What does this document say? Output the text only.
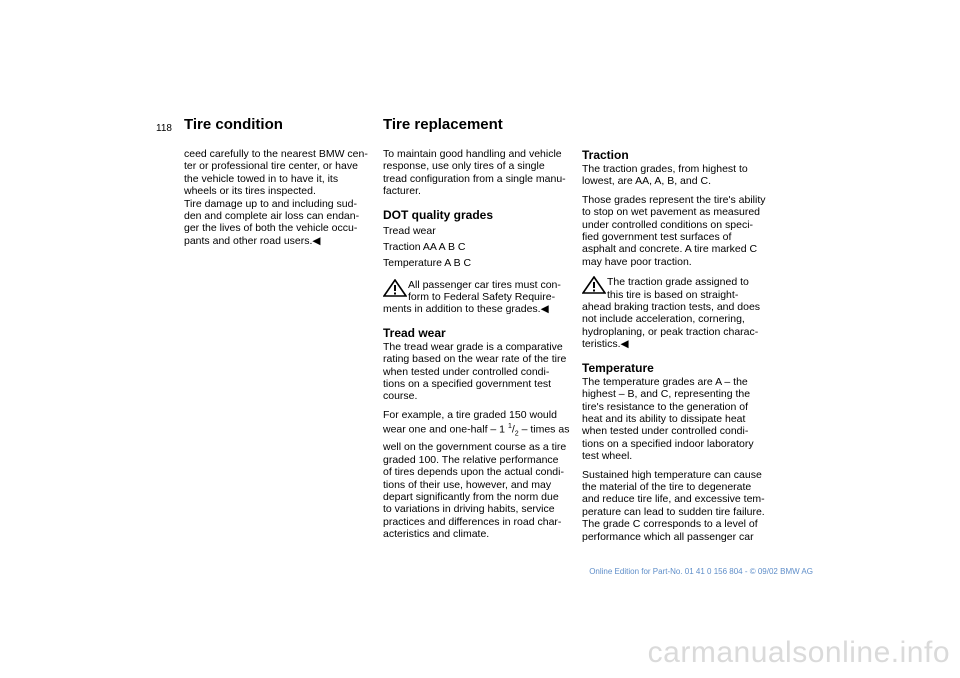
118 Tire condition	Tire replacement
ceed carefully to the nearest BMW cen-
ter or professional tire center, or have
the vehicle towed in to have it, its
wheels or its tires inspected.
Tire damage up to and including sud-
den and complete air loss can endan-
ger the lives of both the vehicle occu-
pants and other road users.◀

To maintain good handling and vehicle
response, use only tires of a single
tread configuration from a single manu-
facturer.

DOT quality grades

Tread wear
Traction AA A B C
Temperature A B C

All passenger car tires must con-
form to Federal Safety Require-
ments in addition to these grades.◀
Tread wear

The tread wear grade is a comparative
rating based on the wear rate of the tire
when tested under controlled condi-
tions on a specified government test
course.

For example, a tire graded 150 would
wear one and one-half – 1 $^1/_2$ – times as
well on the government course as a tire
graded 100. The relative performance
of tires depends upon the actual condi-
tions of their use, however, and may
depart significantly from the norm due
to variations in driving habits, service
practices and differences in road char-
acteristics and climate.

Traction

The traction grades, from highest to
lowest, are AA, A, B, and C.

Those grades represent the tire's ability
to stop on wet pavement as measured
under controlled conditions on speci-
fied government test surfaces of
asphalt and concrete. A tire marked C
may have poor traction.

The traction grade assigned to
this tire is based on straight-
ahead braking traction tests, and does
not include acceleration, cornering,
hydroplaning, or peak traction charac-
teristics.◀
Temperature

The temperature grades are A – the
highest – B, and C, representing the
tire's resistance to the generation of
heat and its ability to dissipate heat
when tested under controlled condi-
tions on a specified indoor laboratory
test wheel.

Sustained high temperature can cause
the material of the tire to degenerate
and reduce tire life, and excessive tem-
perature can lead to sudden tire failure.
The grade C corresponds to a level of
performance which all passenger car

Online Edition for Part-No. 01 41 0 156 804 - © 09/02 BMW AG
carmanualsonline.info
